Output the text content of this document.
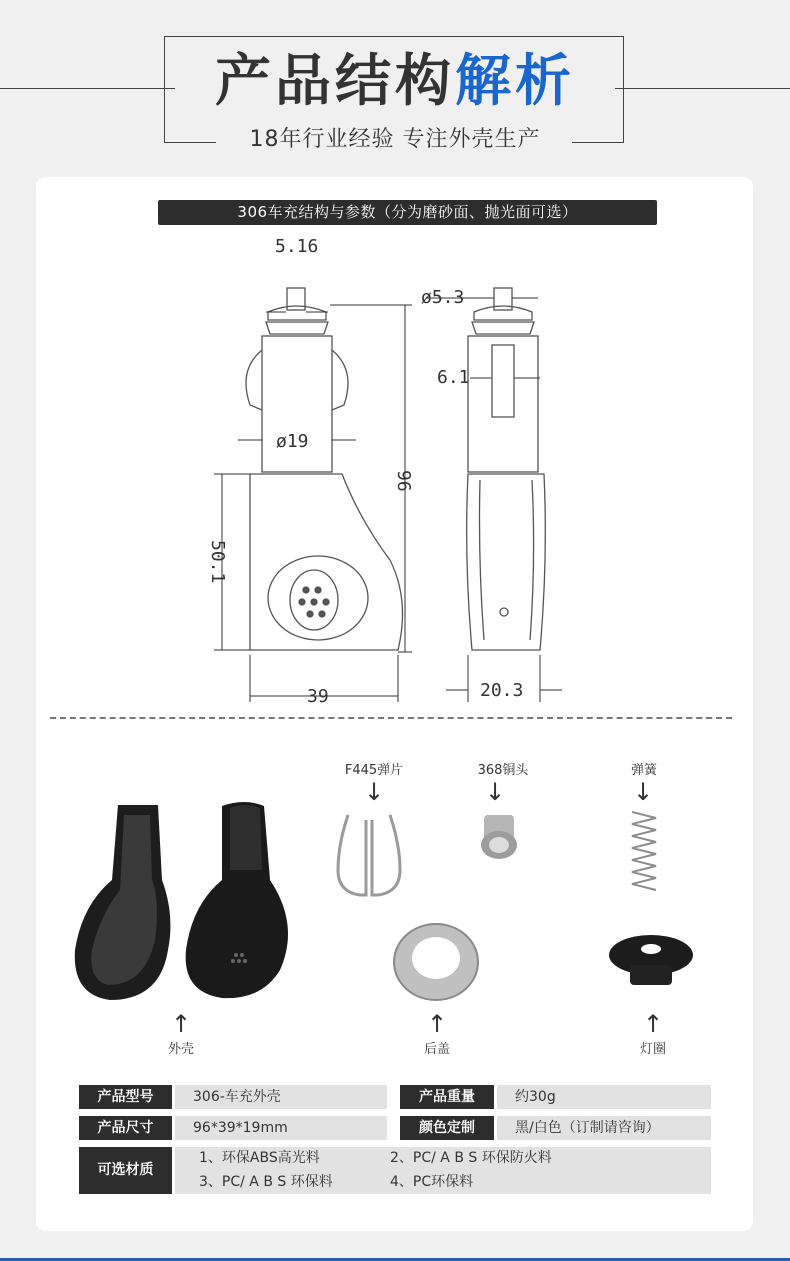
产品结构解析
18年行业经验 专注外壳生产
306车充结构与参数（分为磨砂面、抛光面可选）
5.16
ø5.3
6.1
ø19
96
50.1
39	20.3
F445弹片
↓
368铜头
↓
弹簧
↓
↑
外壳
↑
后盖
↑
灯圈
产品型号	306-车充外壳	产品重量	约30g
产品尺寸	96*39*19mm	颜色定制	黑/白色（订制请咨询）
可选材质
1、环保ABS高光料	2、PC/ A B S 环保防火料
3、PC/ A B S 环保料	4、PC环保料
